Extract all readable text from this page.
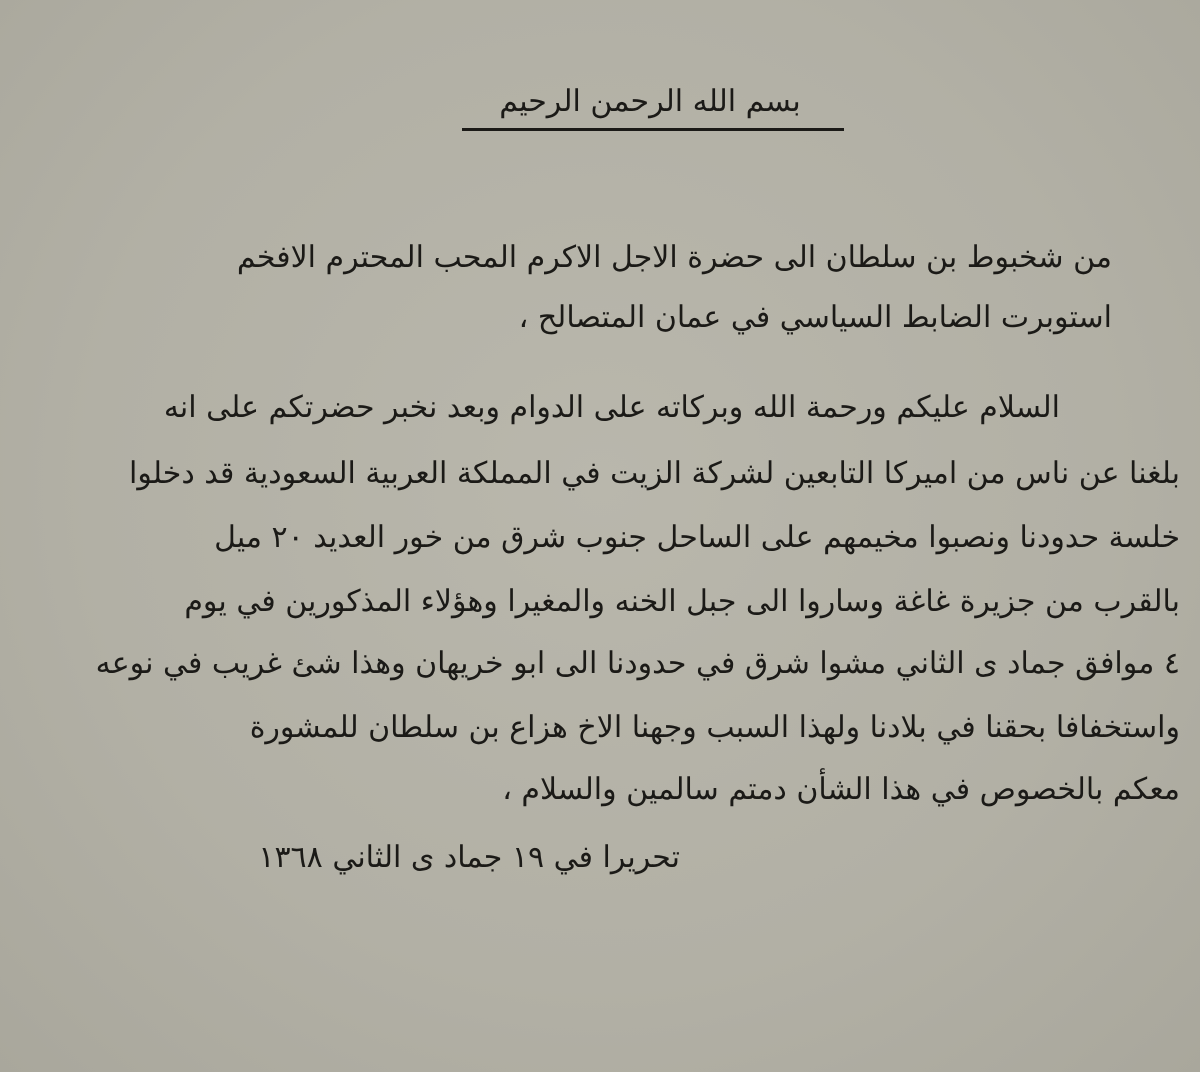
بسم الله الرحمن الرحيم
من شخبوط بن سلطان الى حضرة الاجل الاكرم المحب المحترم الافخم
استوبرت الضابط السياسي في عمان المتصالح ،
السلام عليكم ورحمة الله وبركاته على الدوام وبعد نخبر حضرتكم على انه
بلغنا عن ناس من اميركا التابعين لشركة الزيت في المملكة العربية السعودية قد دخلوا
خلسة حدودنا ونصبوا مخيمهم على الساحل جنوب شرق من خور العديد ٢٠ ميل
بالقرب من جزيرة غاغة وساروا الى جبل الخنه والمغيرا وهؤلاء المذكورين في يوم
٤ موافق جماد ى الثاني مشوا شرق في حدودنا الى ابو خريهان وهذا شئ غريب في نوعه
واستخفافا بحقنا في بلادنا ولهذا السبب وجهنا الاخ هزاع بن سلطان للمشورة
معكم بالخصوص في هذا الشأن دمتم سالمين والسلام ،
تحريرا في ١٩ جماد ى الثاني ١٣٦٨
